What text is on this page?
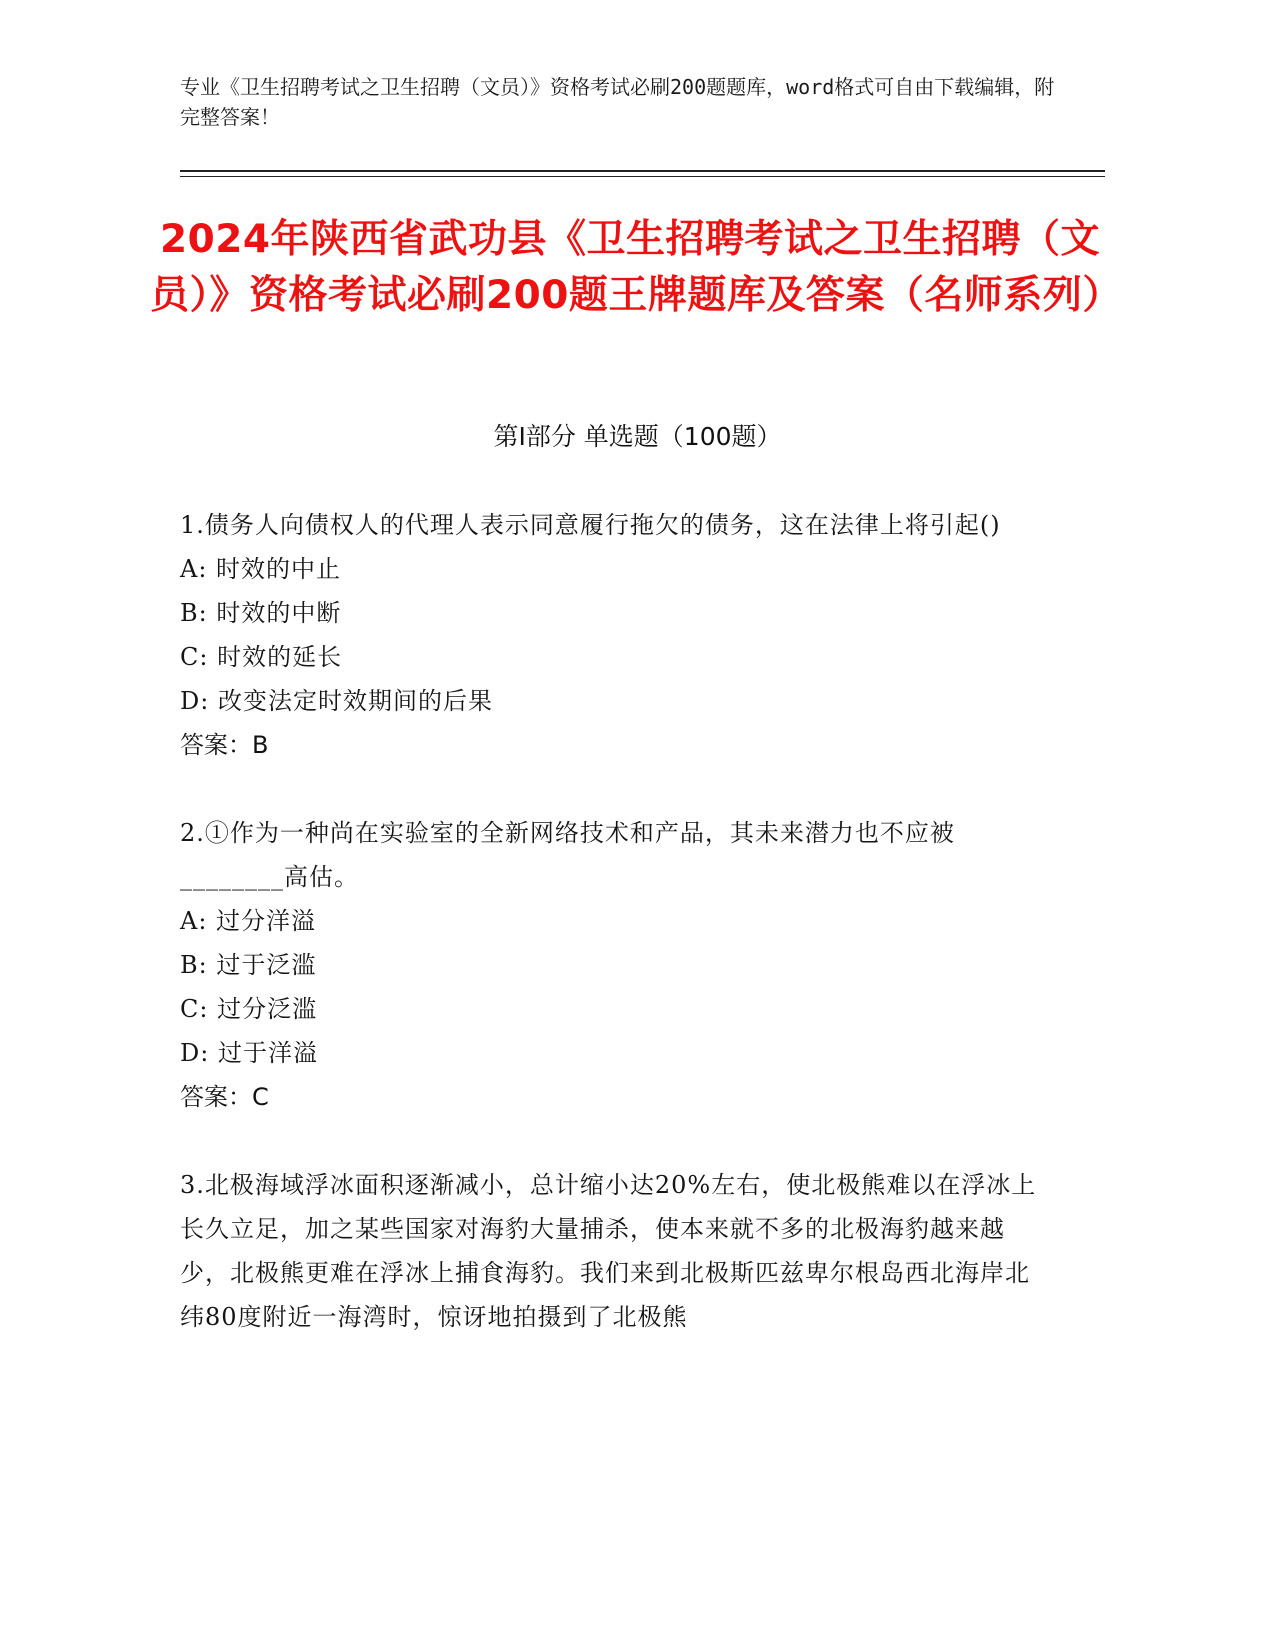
专业《卫生招聘考试之卫生招聘（文员）》资格考试必刷200题题库，word格式可自由下载编辑，附完整答案！
2024年陕西省武功县《卫生招聘考试之卫生招聘（文员）》资格考试必刷200题王牌题库及答案（名师系列）
第Ⅰ部分 单选题（100题）
1.债务人向债权人的代理人表示同意履行拖欠的债务，这在法律上将引起()
A: 时效的中止
B: 时效的中断
C: 时效的延长
D: 改变法定时效期间的后果
答案：B
2.①作为一种尚在实验室的全新网络技术和产品，其未来潜力也不应被________高估。
A: 过分洋溢
B: 过于泛滥
C: 过分泛滥
D: 过于洋溢
答案：C
3.北极海域浮冰面积逐渐减小，总计缩小达20%左右，使北极熊难以在浮冰上长久立足，加之某些国家对海豹大量捕杀，使本来就不多的北极海豹越来越少，北极熊更难在浮冰上捕食海豹。我们来到北极斯匹兹卑尔根岛西北海岸北纬80度附近一海湾时，惊讶地拍摄到了北极熊
